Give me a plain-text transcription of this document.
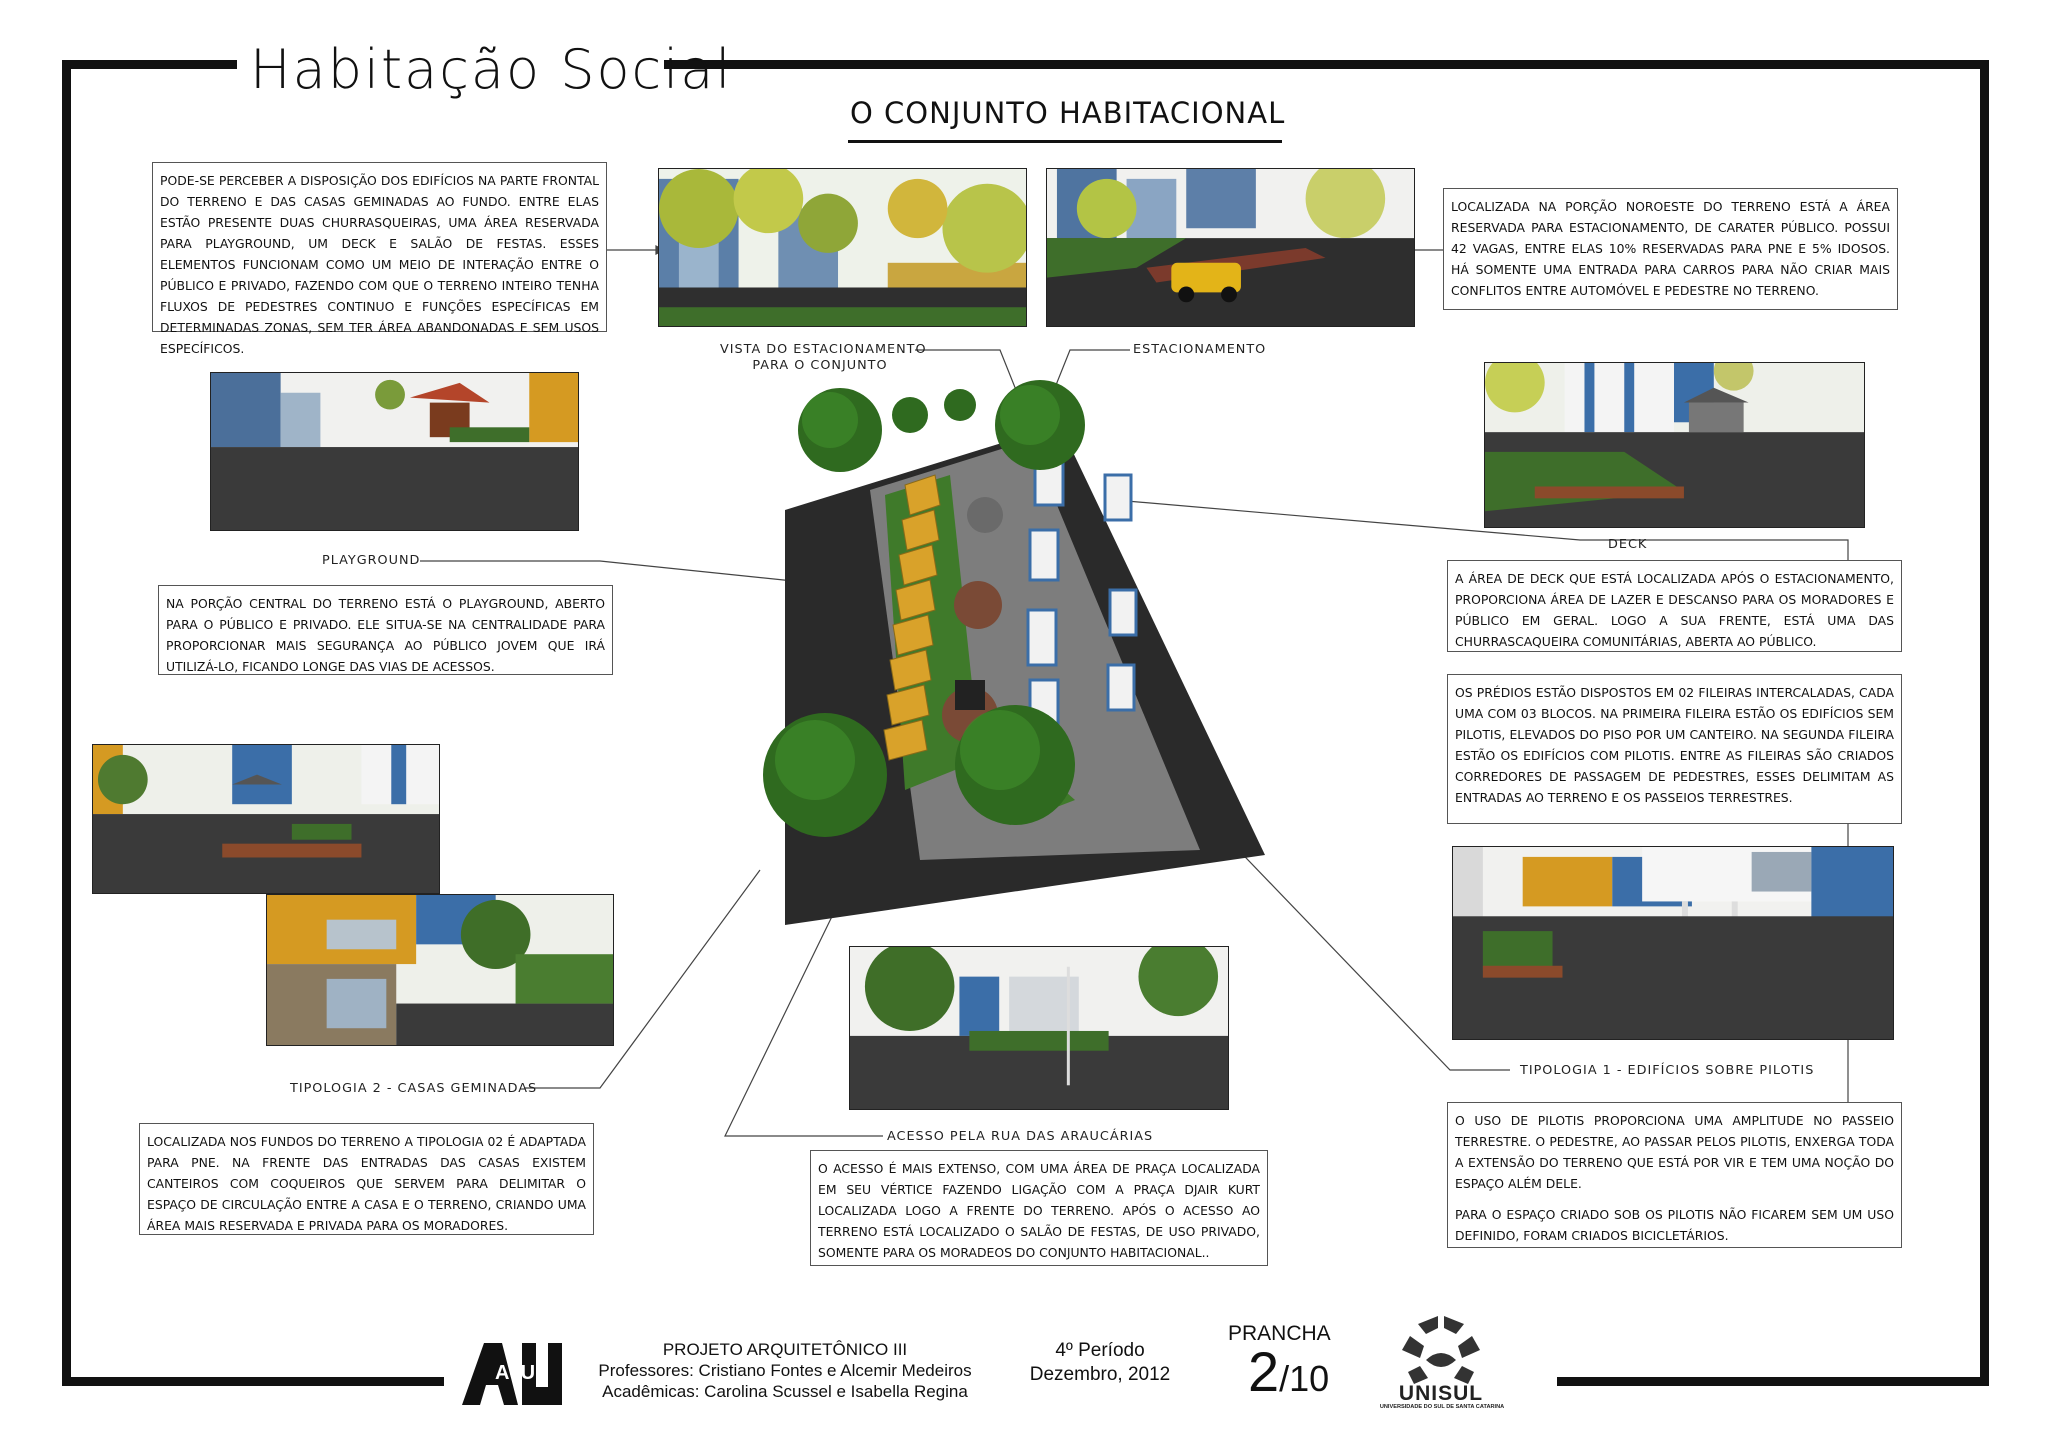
Habitação Social
O CONJUNTO HABITACIONAL

PODE-SE PERCEBER A DISPOSIÇÃO DOS EDIFÍCIOS NA PARTE FRONTAL DO TERRENO E DAS CASAS GEMINADAS AO FUNDO. ENTRE ELAS ESTÃO PRESENTE DUAS CHURRASQUEIRAS, UMA ÁREA RESERVADA PARA PLAYGROUND, UM DECK E SALÃO DE FESTAS. ESSES ELEMENTOS FUNCIONAM COMO UM MEIO DE INTERAÇÃO ENTRE O PÚBLICO E PRIVADO, FAZENDO COM QUE O TERRENO INTEIRO TENHA FLUXOS DE PEDESTRES CONTINUO E FUNÇÕES ESPECÍFICAS EM DETERMINADAS ZONAS, SEM TER ÁREA ABANDONADAS E SEM USOS ESPECÍFICOS.

LOCALIZADA NA PORÇÃO NOROESTE DO TERRENO ESTÁ A ÁREA RESERVADA PARA ESTACIONAMENTO, DE CARATER PÚBLICO. POSSUI 42 VAGAS, ENTRE ELAS 10% RESERVADAS PARA PNE E 5% IDOSOS. HÁ SOMENTE UMA ENTRADA PARA CARROS PARA NÃO CRIAR MAIS CONFLITOS ENTRE AUTOMÓVEL E PEDESTRE NO TERRENO.

NA PORÇÃO CENTRAL DO TERRENO ESTÁ O PLAYGROUND, ABERTO PARA O PÚBLICO E PRIVADO. ELE SITUA-SE NA CENTRALIDADE PARA PROPORCIONAR MAIS SEGURANÇA AO PÚBLICO JOVEM QUE IRÁ UTILIZÁ-LO, FICANDO LONGE DAS VIAS DE ACESSOS.

A ÁREA DE DECK QUE ESTÁ LOCALIZADA APÓS O ESTACIONAMENTO, PROPORCIONA ÁREA DE LAZER E DESCANSO PARA OS MORADORES E PÚBLICO EM GERAL. LOGO A SUA FRENTE, ESTÁ UMA DAS CHURRASCAQUEIRA COMUNITÁRIAS, ABERTA AO PÚBLICO.

OS PRÉDIOS ESTÃO DISPOSTOS EM 02 FILEIRAS INTERCALADAS, CADA UMA COM 03 BLOCOS. NA PRIMEIRA FILEIRA ESTÃO OS EDIFÍCIOS SEM PILOTIS, ELEVADOS DO PISO POR UM CANTEIRO. NA SEGUNDA FILEIRA ESTÃO OS EDIFÍCIOS COM PILOTIS. ENTRE AS FILEIRAS SÃO CRIADOS CORREDORES DE PASSAGEM DE PEDESTRES, ESSES DELIMITAM AS ENTRADAS AO TERRENO E OS PASSEIOS TERRESTRES.

LOCALIZADA NOS FUNDOS DO TERRENO A TIPOLOGIA 02 É ADAPTADA PARA PNE. NA FRENTE DAS ENTRADAS DAS CASAS EXISTEM CANTEIROS COM COQUEIROS QUE SERVEM PARA DELIMITAR O ESPAÇO DE CIRCULAÇÃO ENTRE A CASA E O TERRENO, CRIANDO UMA ÁREA MAIS RESERVADA E PRIVADA PARA OS MORADORES.

O ACESSO É MAIS EXTENSO, COM UMA ÁREA DE PRAÇA LOCALIZADA EM SEU VÉRTICE FAZENDO LIGAÇÃO COM A PRAÇA DJAIR KURT LOCALIZADA LOGO A FRENTE DO TERRENO. APÓS O ACESSO AO TERRENO ESTÁ LOCALIZADO O SALÃO DE FESTAS, DE USO PRIVADO, SOMENTE PARA OS MORADEOS DO CONJUNTO HABITACIONAL..

O USO DE PILOTIS PROPORCIONA UMA AMPLITUDE NO PASSEIO TERRESTRE. O PEDESTRE, AO PASSAR PELOS PILOTIS, ENXERGA TODA A EXTENSÃO DO TERRENO QUE ESTÁ POR VIR E TEM UMA NOÇÃO DO ESPAÇO ALÉM DELE.

PARA O ESPAÇO CRIADO SOB OS PILOTIS NÃO FICAREM SEM UM USO DEFINIDO, FORAM CRIADOS BICICLETÁRIOS.

VISTA DO ESTACIONAMENTO
PARA O CONJUNTO
ESTACIONAMENTO
DECK
PLAYGROUND
TIPOLOGIA 2 - CASAS GEMINADAS
ACESSO PELA RUA DAS ARAUCÁRIAS
TIPOLOGIA 1 - EDIFÍCIOS SOBRE PILOTIS
AeU
PROJETO ARQUITETÔNICO III
Professores: Cristiano Fontes e Alcemir Medeiros
Acadêmicas: Carolina Scussel e Isabella Regina
4º Período
Dezembro, 2012
PRANCHA
2/10	UNISUL
UNIVERSIDADE DO SUL DE SANTA CATARINA
